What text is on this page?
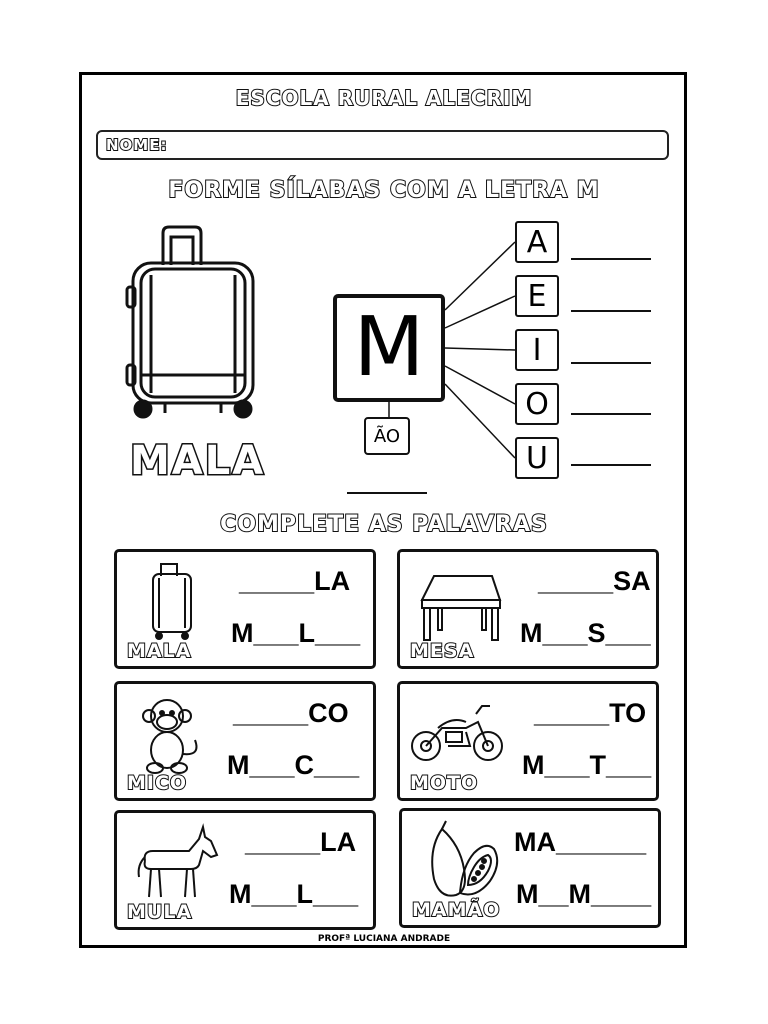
ESCOLA RURAL ALECRIM
NOME:
FORME SÍLABAS COM A LETRA M
MALA
M
ÃO
A
E
I
O
U
COMPLETE AS PALAVRAS
MALA
_____LA
M___L___
MESA
_____SA
M___S___
MICO
_____CO
M___C___
MOTO
_____TO
M___T___
MULA
_____LA
M___L___
MAMÃO
MA______
M__M____
PROFª LUCIANA ANDRADE
